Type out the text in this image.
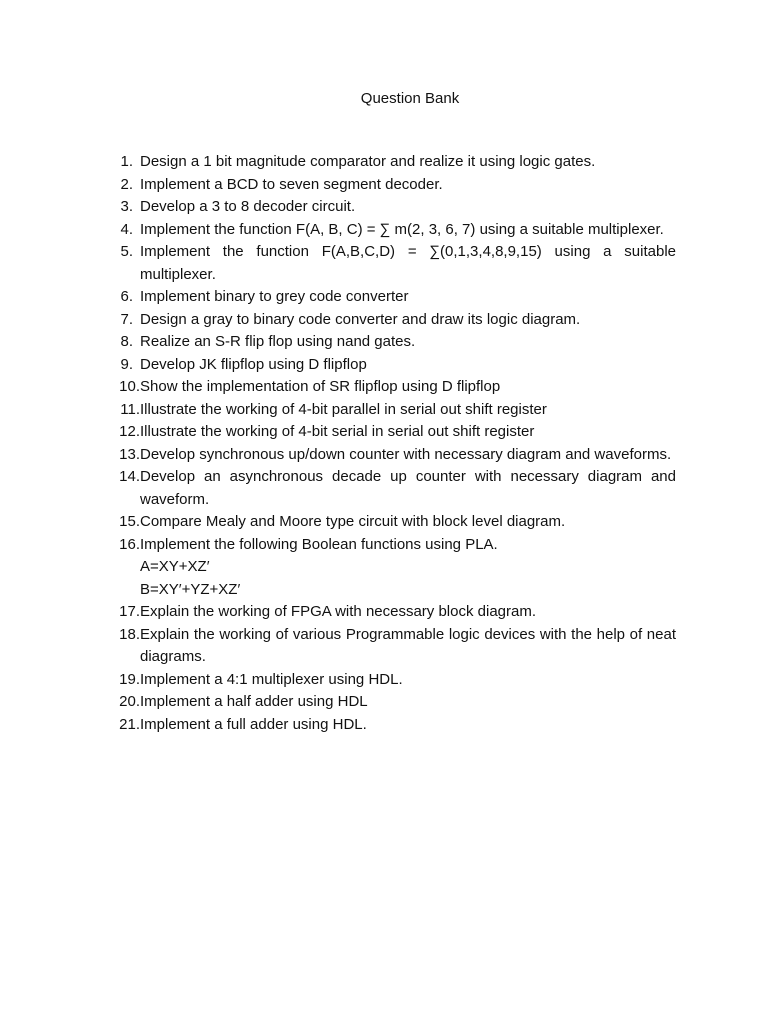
Question Bank
1. Design a 1 bit magnitude comparator and realize it using logic gates.
2. Implement a BCD to seven segment decoder.
3. Develop a 3 to 8 decoder circuit.
4. Implement the function F(A, B, C) = ∑ m(2, 3, 6, 7) using a suitable multiplexer.
5. Implement the function F(A,B,C,D) = ∑(0,1,3,4,8,9,15) using a suitable multiplexer.
6. Implement binary to grey code converter
7. Design a gray to binary code converter and draw its logic diagram.
8. Realize an S-R flip flop using nand gates.
9. Develop JK flipflop using D flipflop
10. Show the implementation of SR flipflop using D flipflop
11. Illustrate the working of 4-bit parallel in serial out shift register
12. Illustrate the working of 4-bit serial in serial out shift register
13. Develop synchronous up/down counter with necessary diagram and waveforms.
14. Develop an asynchronous decade up counter with necessary diagram and waveform.
15. Compare Mealy and Moore type circuit with block level diagram.
16. Implement the following Boolean functions using PLA.
A=XY+XZ′
B=XY′+YZ+XZ′
17. Explain the working of FPGA with necessary block diagram.
18. Explain the working of various Programmable logic devices with the help of neat diagrams.
19. Implement a 4:1 multiplexer using HDL.
20. Implement a half adder using HDL
21. Implement a full adder using HDL.
